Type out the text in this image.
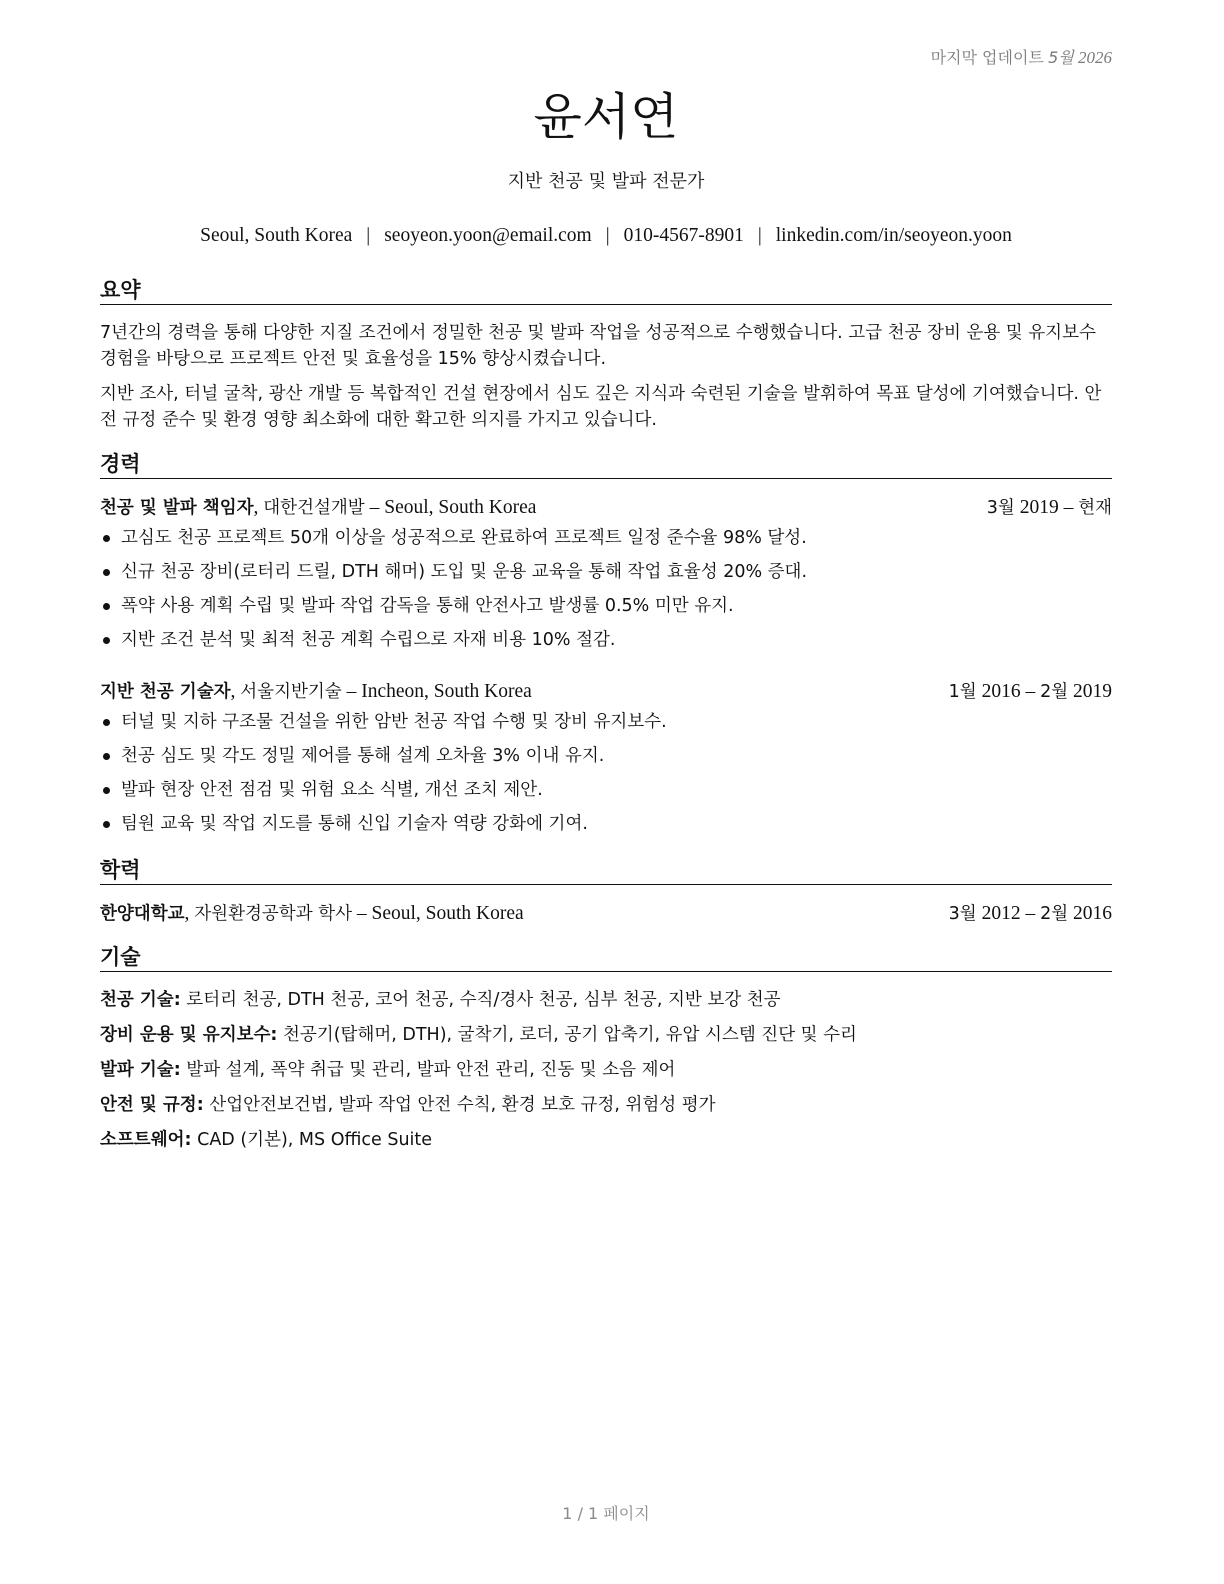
마지막 업데이트 5월 2026
윤서연
지반 천공 및 발파 전문가
Seoul, South Korea | seoyeon.yoon@email.com | 010-4567-8901 | linkedin.com/in/seoyeon.yoon
요약
7년간의 경력을 통해 다양한 지질 조건에서 정밀한 천공 및 발파 작업을 성공적으로 수행했습니다. 고급 천공 장비 운용 및 유지보수 경험을 바탕으로 프로젝트 안전 및 효율성을 15% 향상시켰습니다.
지반 조사, 터널 굴착, 광산 개발 등 복합적인 건설 현장에서 심도 깊은 지식과 숙련된 기술을 발휘하여 목표 달성에 기여했습니다. 안전 규정 준수 및 환경 영향 최소화에 대한 확고한 의지를 가지고 있습니다.
경력
천공 및 발파 책임자, 대한건설개발 – Seoul, South Korea	3월 2019 – 현재
고심도 천공 프로젝트 50개 이상을 성공적으로 완료하여 프로젝트 일정 준수율 98% 달성.
신규 천공 장비(로터리 드릴, DTH 해머) 도입 및 운용 교육을 통해 작업 효율성 20% 증대.
폭약 사용 계획 수립 및 발파 작업 감독을 통해 안전사고 발생률 0.5% 미만 유지.
지반 조건 분석 및 최적 천공 계획 수립으로 자재 비용 10% 절감.
지반 천공 기술자, 서울지반기술 – Incheon, South Korea	1월 2016 – 2월 2019
터널 및 지하 구조물 건설을 위한 암반 천공 작업 수행 및 장비 유지보수.
천공 심도 및 각도 정밀 제어를 통해 설계 오차율 3% 이내 유지.
발파 현장 안전 점검 및 위험 요소 식별, 개선 조치 제안.
팀원 교육 및 작업 지도를 통해 신입 기술자 역량 강화에 기여.
학력
한양대학교, 자원환경공학과 학사 – Seoul, South Korea	3월 2012 – 2월 2016
기술
천공 기술: 로터리 천공, DTH 천공, 코어 천공, 수직/경사 천공, 심부 천공, 지반 보강 천공
장비 운용 및 유지보수: 천공기(탑해머, DTH), 굴착기, 로더, 공기 압축기, 유압 시스템 진단 및 수리
발파 기술: 발파 설계, 폭약 취급 및 관리, 발파 안전 관리, 진동 및 소음 제어
안전 및 규정: 산업안전보건법, 발파 작업 안전 수칙, 환경 보호 규정, 위험성 평가
소프트웨어: CAD (기본), MS Office Suite
1 / 1 페이지
